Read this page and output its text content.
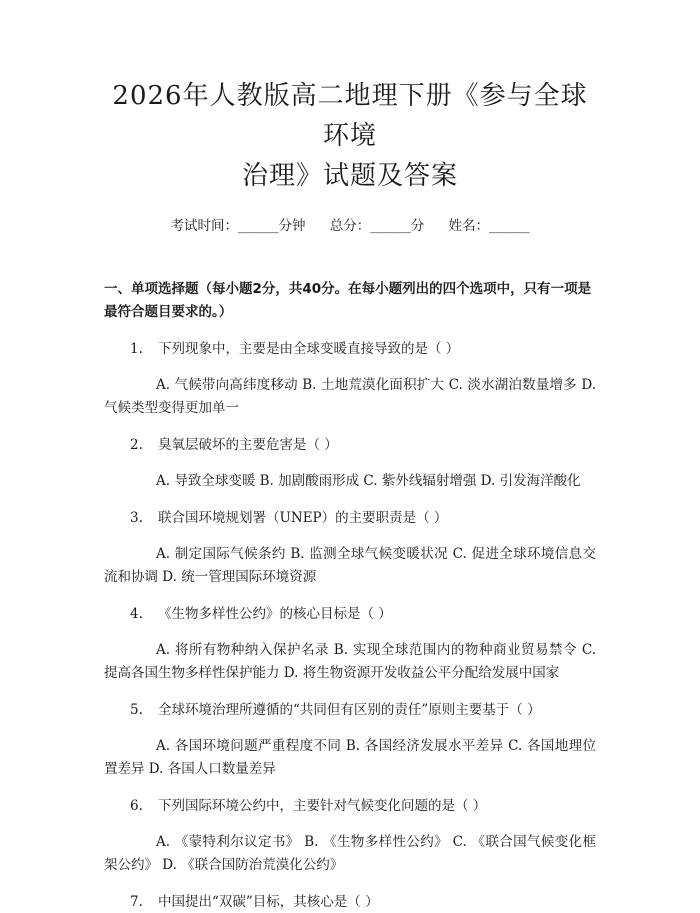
2026年人教版高二地理下册《参与全球环境
治理》试题及答案
考试时间：______分钟 总分：______分 姓名：______
一、单项选择题（每小题2分，共40分。在每小题列出的四个选项中，只有一项是最符合题目要求的。）
1. 下列现象中，主要是由全球变暖直接导致的是（ ）
A. 气候带向高纬度移动 B. 土地荒漠化面积扩大 C. 淡水湖泊数量增多 D. 气候类型变得更加单一
2. 臭氧层破坏的主要危害是（ ）
A. 导致全球变暖 B. 加剧酸雨形成 C. 紫外线辐射增强 D. 引发海洋酸化
3. 联合国环境规划署（UNEP）的主要职责是（ ）
A. 制定国际气候条约 B. 监测全球气候变暖状况 C. 促进全球环境信息交流和协调 D. 统一管理国际环境资源
4. 《生物多样性公约》的核心目标是（ ）
A. 将所有物种纳入保护名录 B. 实现全球范围内的物种商业贸易禁令 C. 提高各国生物多样性保护能力 D. 将生物资源开发收益公平分配给发展中国家
5. 全球环境治理所遵循的“共同但有区别的责任”原则主要基于（ ）
A. 各国环境问题严重程度不同 B. 各国经济发展水平差异 C. 各国地理位置差异 D. 各国人口数量差异
6. 下列国际环境公约中，主要针对气候变化问题的是（ ）
A. 《蒙特利尔议定书》 B. 《生物多样性公约》 C. 《联合国气候变化框架公约》 D. 《联合国防治荒漠化公约》
7. 中国提出“双碳”目标，其核心是（ ）
